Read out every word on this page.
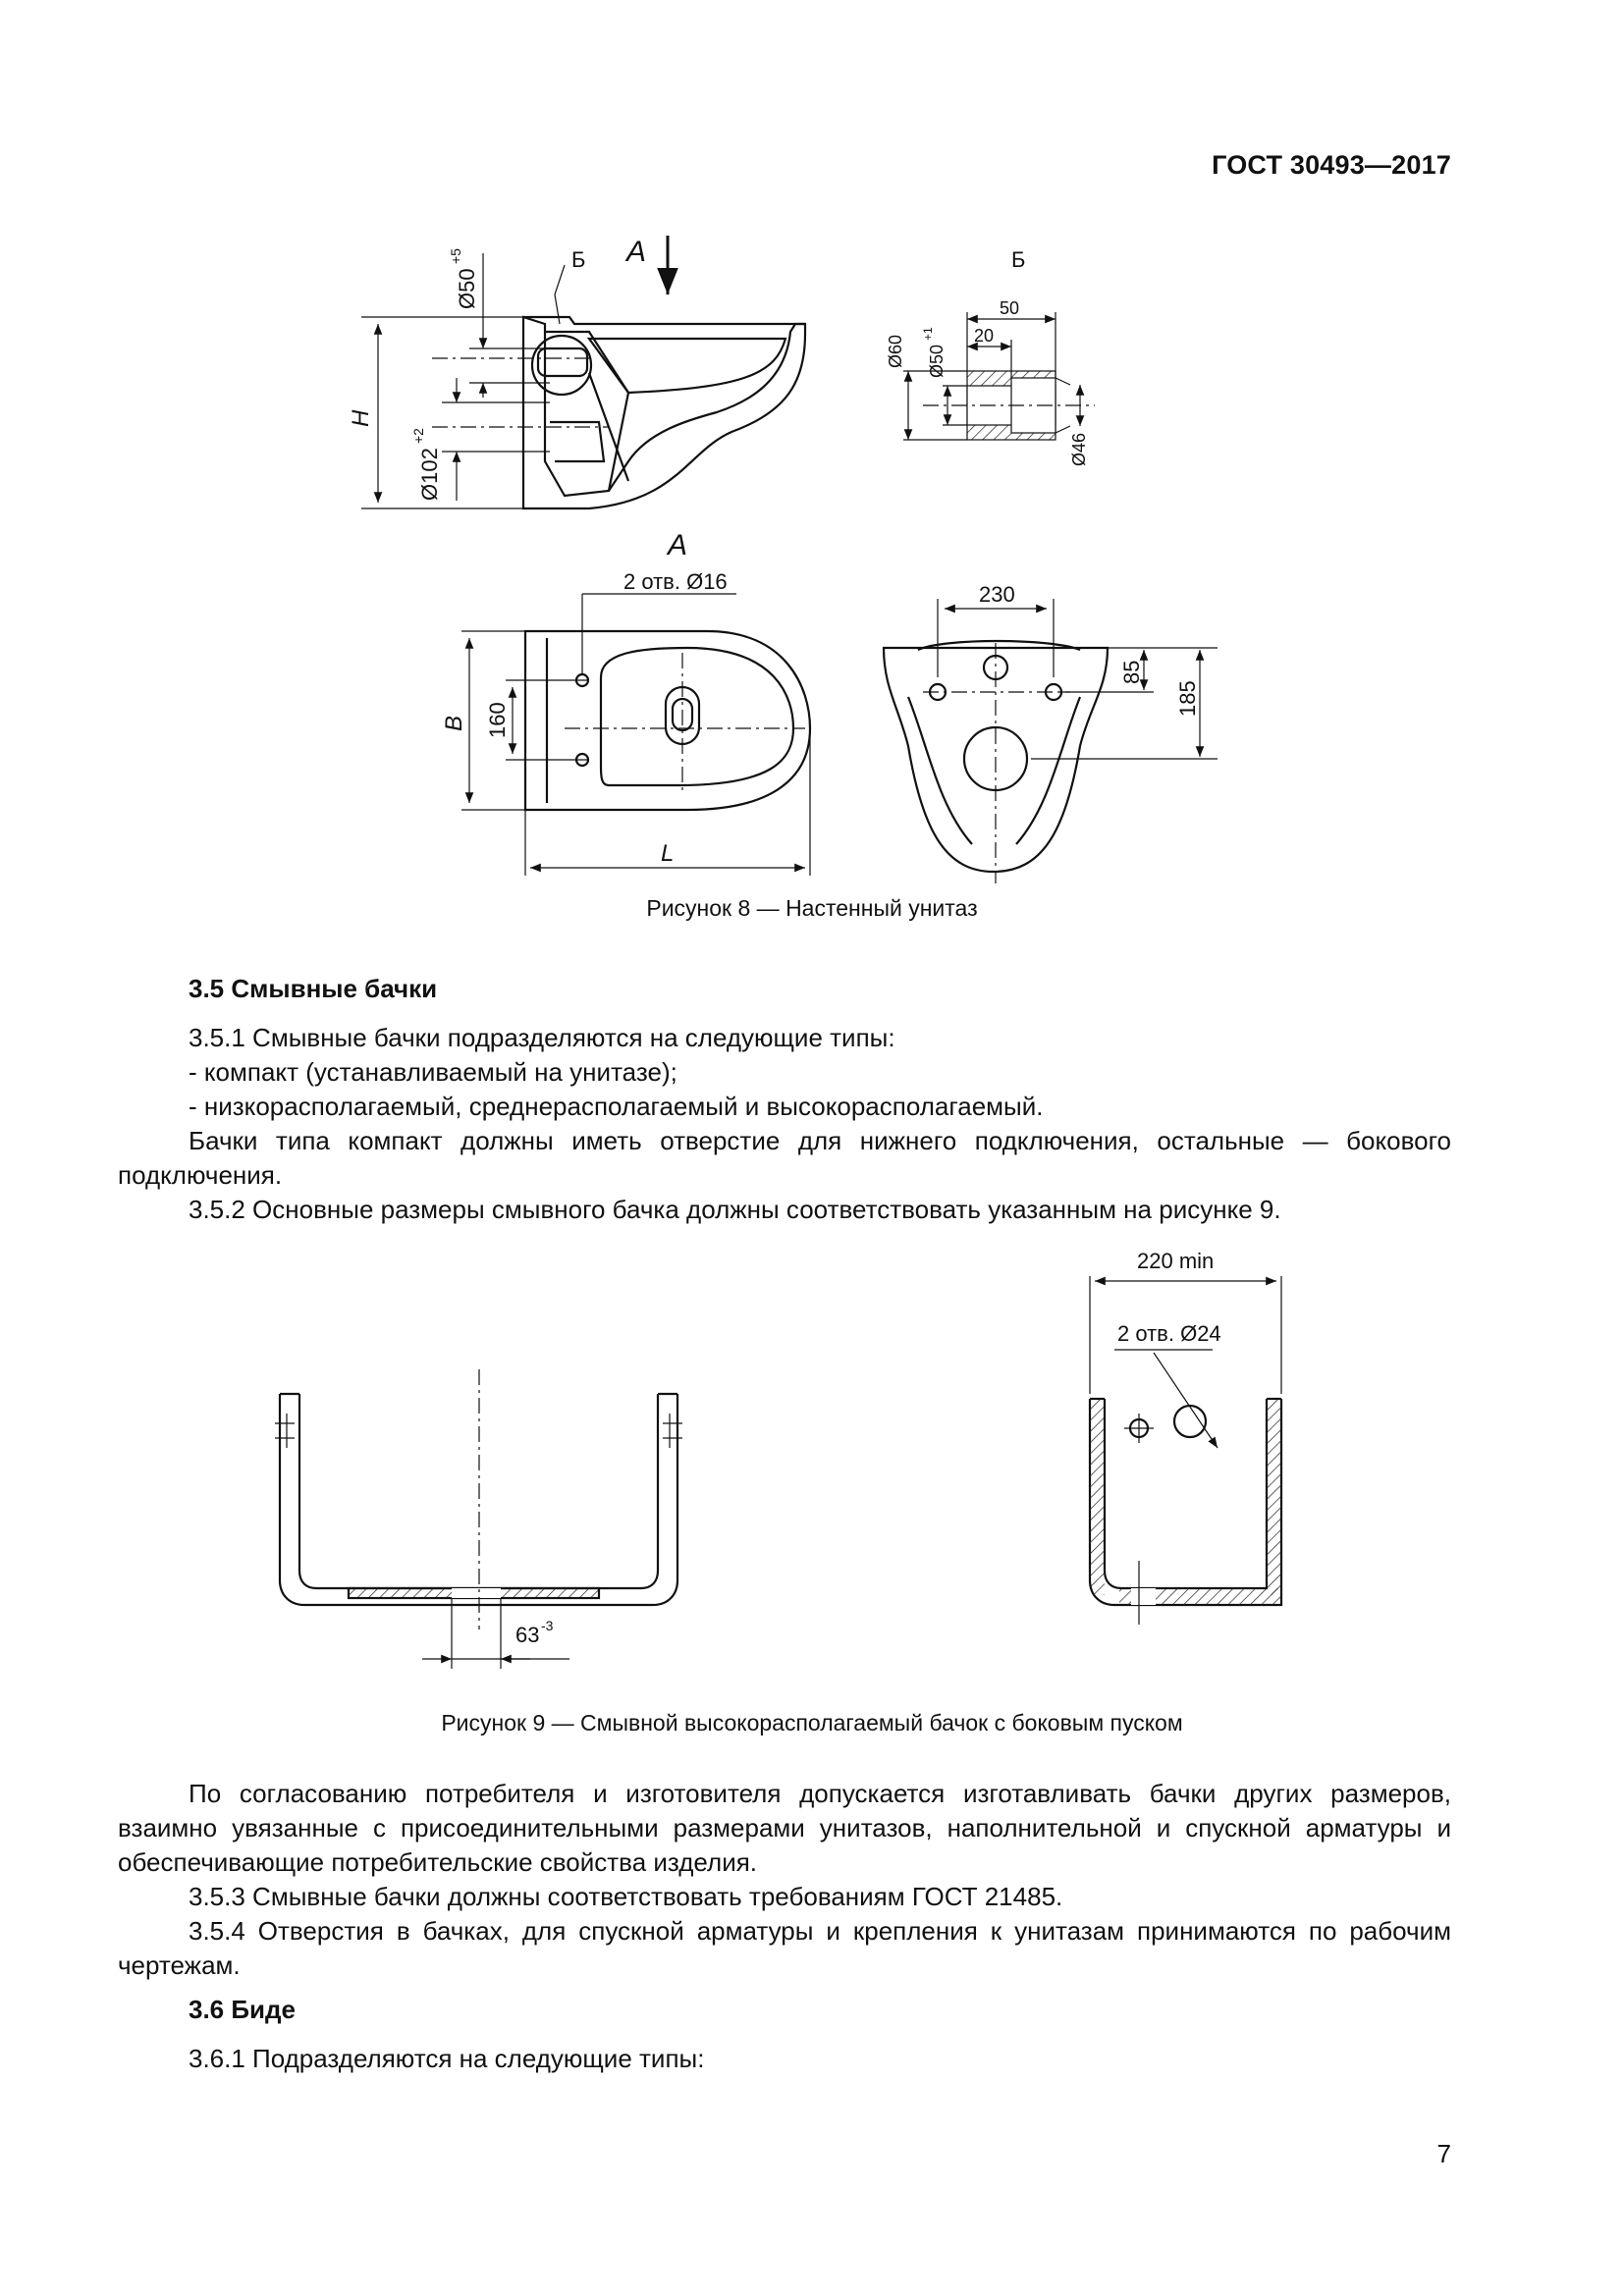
ГОСТ 30493—2017
А
Б	Б
А
Ø50
+5
Ø102
+2
H
50
20
Ø60 Ø50
+1
Ø46
2 отв. Ø16
B 160
L
230
85
185
Рисунок 8 — Настенный унитаз
3.5 Смывные бачки
3.5.1 Смывные бачки подразделяются на следующие типы:
- компакт (устанавливаемый на унитазе);
- низкорасполагаемый, среднерасполагаемый и высокорасполагаемый.
Бачки типа компакт должны иметь отверстие для нижнего подключения, остальные — бокового подключения.
3.5.2 Основные размеры смывного бачка должны соответствовать указанным на рисунке 9.
63 -3
220 min
2 отв. Ø24
Рисунок 9 — Смывной высокорасполагаемый бачок с боковым пуском
По согласованию потребителя и изготовителя допускается изготавливать бачки других размеров, взаимно увязанные с присоединительными размерами унитазов, наполнительной и спускной арматуры и обеспечивающие потребительские свойства изделия.
3.5.3 Смывные бачки должны соответствовать требованиям ГОСТ 21485.
3.5.4 Отверстия в бачках, для спускной арматуры и крепления к унитазам принимаются по рабочим чертежам.
3.6 Биде
3.6.1 Подразделяются на следующие типы:
7
